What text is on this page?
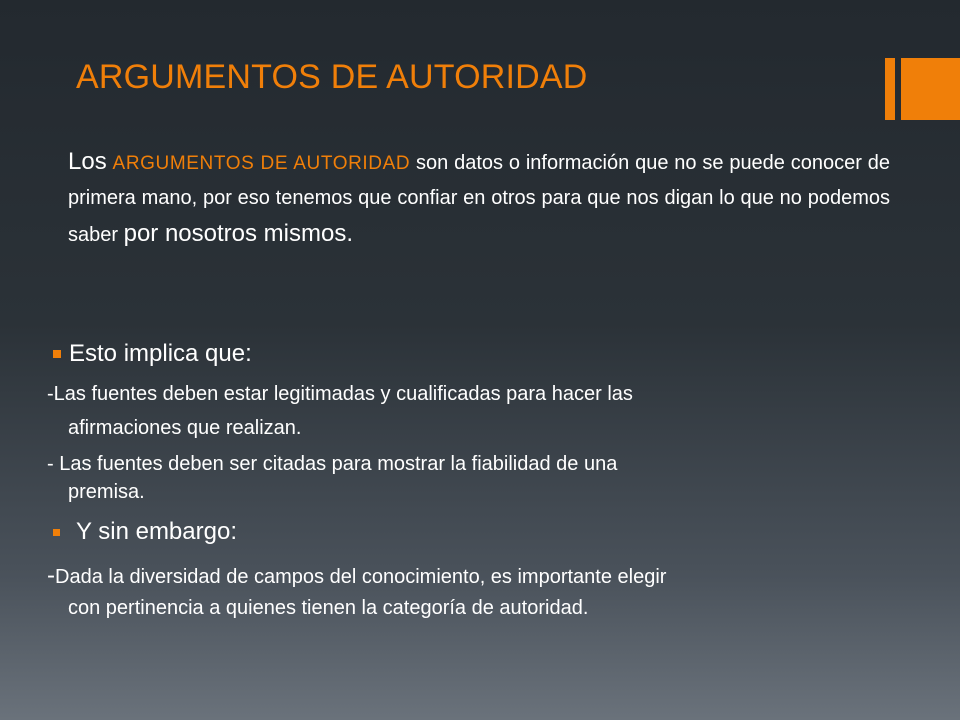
ARGUMENTOS DE AUTORIDAD
Los ARGUMENTOS DE AUTORIDAD son datos o información que no se puede conocer de primera mano, por eso tenemos que confiar en otros para que nos digan lo que no podemos saber por nosotros mismos.
Esto implica que:
-Las fuentes deben estar legitimadas y cualificadas para hacer las
afirmaciones que realizan.
- Las fuentes deben ser citadas para mostrar la fiabilidad de una
premisa.
Y sin embargo:
-Dada la diversidad de campos del conocimiento, es importante elegir
con pertinencia a quienes tienen la categoría de autoridad.
